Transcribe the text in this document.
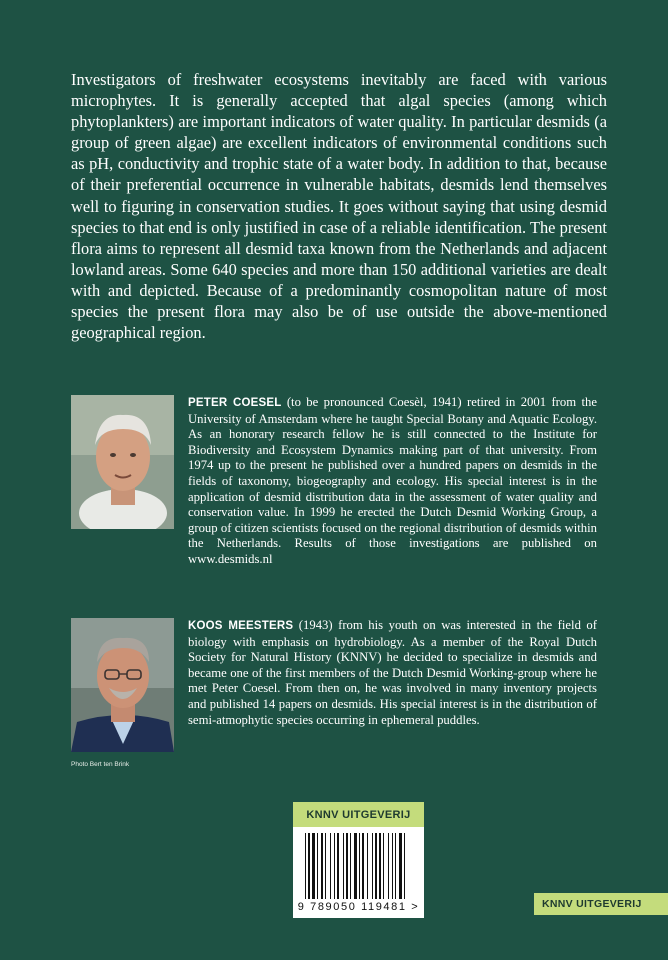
Investigators of freshwater ecosystems inevitably are faced with various microphytes. It is generally accepted that algal species (among which phytoplankters) are important indicators of water quality. In particular desmids (a group of green algae) are excellent indicators of environmental conditions such as pH, conductivity and trophic state of a water body. In addition to that, because of their preferential occurrence in vulnerable habitats, desmids lend themselves well to figuring in conservation studies. It goes without saying that using desmid species to that end is only justified in case of a reliable identification. The present flora aims to represent all desmid taxa known from the Netherlands and adjacent lowland areas. Some 640 species and more than 150 additional varieties are dealt with and depicted. Because of a predominantly cosmopolitan nature of most species the present flora may also be of use outside the above-mentioned geographical region.

PETER COESEL (to be pronounced Coesèl, 1941) retired in 2001 from the University of Amsterdam where he taught Special Botany and Aquatic Ecology. As an honorary research fellow he is still connected to the Institute for Biodiversity and Ecosystem Dynamics making part of that university. From 1974 up to the present he published over a hundred papers on desmids in the fields of taxonomy, biogeography and ecology. His special interest is in the application of desmid distribution data in the assessment of water quality and conservation value. In 1999 he erected the Dutch Desmid Working Group, a group of citizen scientists focused on the regional distribution of desmids within the Netherlands. Results of those investigations are published on www.desmids.nl

KOOS MEESTERS (1943) from his youth on was interested in the field of biology with emphasis on hydrobiology. As a member of the Royal Dutch Society for Natural History (KNNV) he decided to specialize in desmids and became one of the first members of the Dutch Desmid Working-group where he met Peter Coesel. From then on, he was involved in many inventory projects and published 14 papers on desmids. His special interest is in the distribution of semi-atmophytic species occurring in ephemeral puddles.

Photo Bert ten Brink
KNNV UITGEVERIJ
9 789050 119481 >	KNNV UITGEVERIJ
